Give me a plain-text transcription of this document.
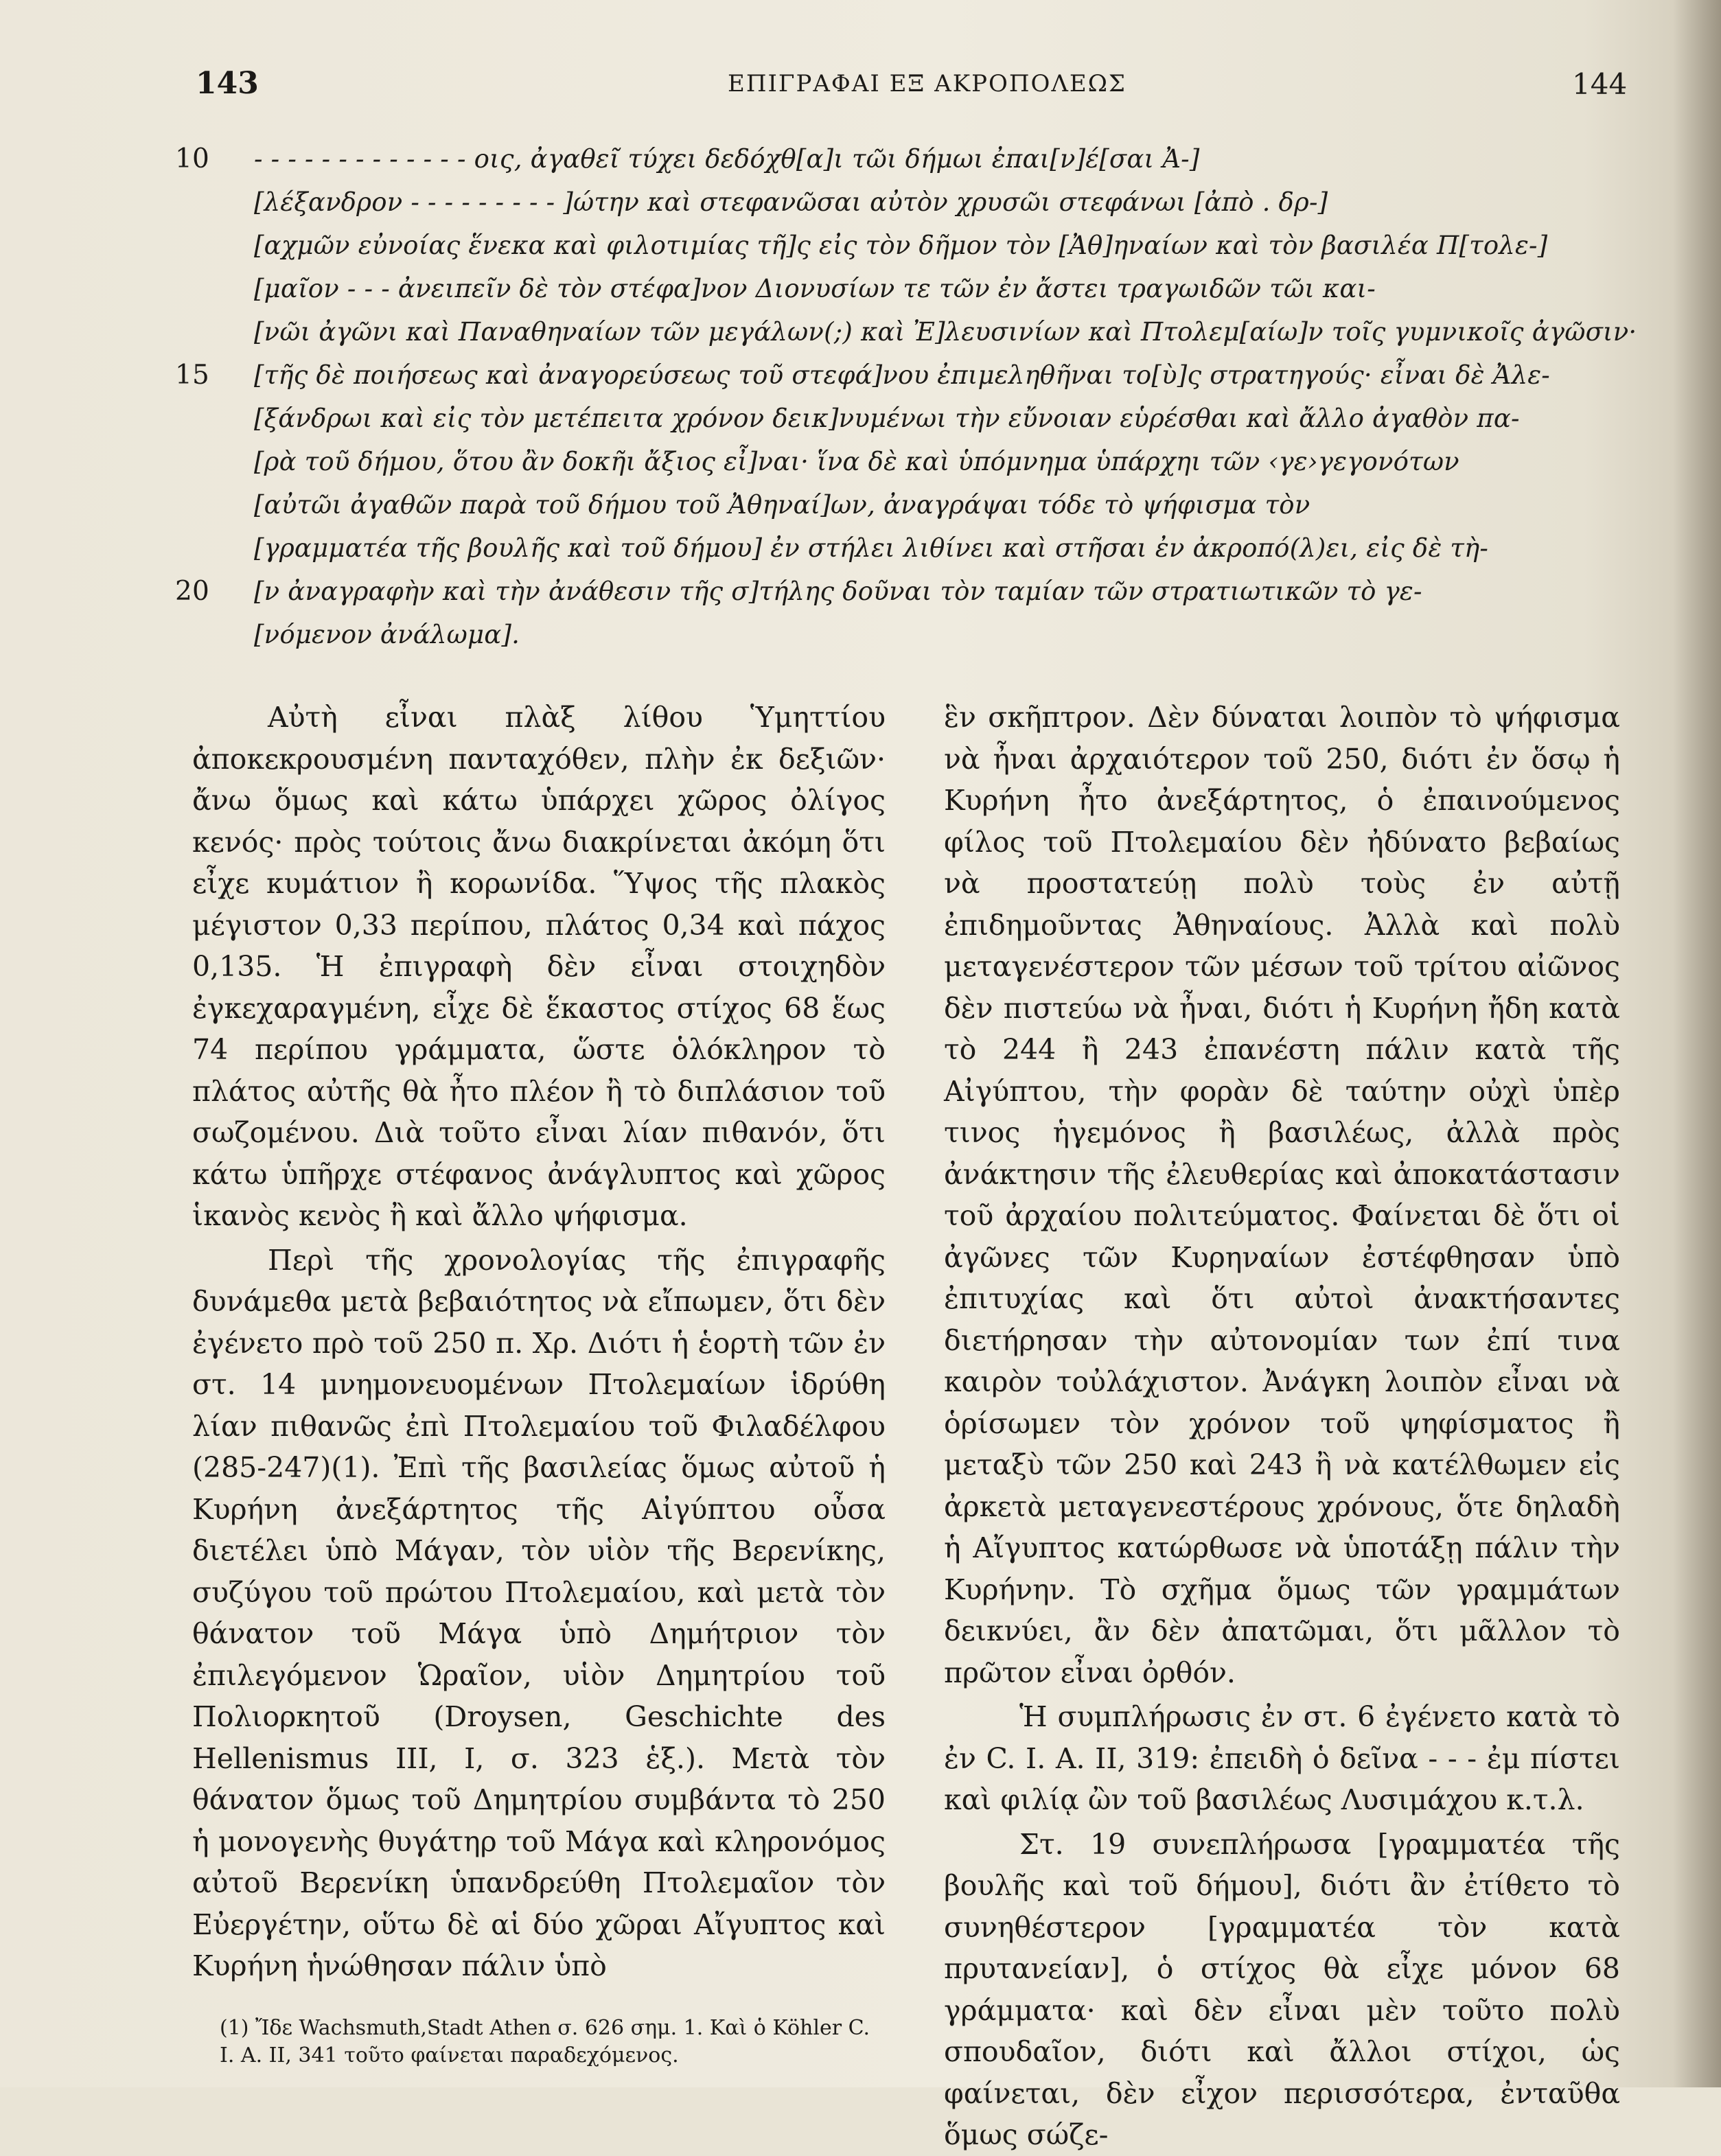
143	ΕΠΙΓΡΑΦΑΙ ΕΞ ΑΚΡΟΠΟΛΕΩΣ	144
10	- - - - - - - - - - - - - οις, ἀγαθεῖ τύχει δεδόχθ[α]ι τῶι δήμωι ἐπαι[ν]έ[σαι Ἀ-]
[λέξανδρον - - - - - - - - - ]ώτην καὶ στεφανῶσαι αὐτὸν χρυσῶι στεφάνωι [ἀπὸ . δρ-]
[αχμῶν εὐνοίας ἕνεκα καὶ φιλοτιμίας τῆ]ς εἰς τὸν δῆμον τὸν [Ἀθ]ηναίων καὶ τὸν βασιλέα Π[τολε-]
[μαῖον - - - ἀνειπεῖν δὲ τὸν στέφα]νον Διονυσίων τε τῶν ἐν ἄστει τραγωιδῶν τῶι και-
[νῶι ἀγῶνι καὶ Παναθηναίων τῶν μεγάλων(;) καὶ Ἐ]λευσινίων καὶ Πτολεμ[αίω]ν τοῖς γυμνικοῖς ἀγῶσιν·
15	[τῆς δὲ ποιήσεως καὶ ἀναγορεύσεως τοῦ στεφά]νου ἐπιμεληθῆναι το[ὺ]ς στρατηγούς· εἶναι δὲ Ἀλε-
[ξάνδρωι καὶ εἰς τὸν μετέπειτα χρόνον δεικ]νυμένωι τὴν εὔνοιαν εὑρέσθαι καὶ ἄλλο ἀγαθὸν πα-
[ρὰ τοῦ δήμου, ὅτου ἂν δοκῆι ἄξιος εἶ]ναι· ἵνα δὲ καὶ ὑπόμνημα ὑπάρχηι τῶν ‹γε›γεγονότων
[αὐτῶι ἀγαθῶν παρὰ τοῦ δήμου τοῦ Ἀθηναί]ων, ἀναγράψαι τόδε τὸ ψήφισμα τὸν
[γραμματέα τῆς βουλῆς καὶ τοῦ δήμου] ἐν στήλει λιθίνει καὶ στῆσαι ἐν ἀκροπό(λ)ει, εἰς δὲ τὴ-
20	[ν ἀναγραφὴν καὶ τὴν ἀνάθεσιν τῆς σ]τήλης δοῦναι τὸν ταμίαν τῶν στρατιωτικῶν τὸ γε-
[νόμενον ἀνάλωμα].

Αὐτὴ εἶναι πλὰξ λίθου Ὑμηττίου ἀποκεκρουσμένη πανταχόθεν, πλὴν ἐκ δεξιῶν· ἄνω ὅμως καὶ κάτω ὑπάρχει χῶρος ὀλίγος κενός· πρὸς τούτοις ἄνω διακρίνεται ἀκόμη ὅτι εἶχε κυμάτιον ἢ κορωνίδα. Ὕψος τῆς πλακὸς μέγιστον 0,33 περίπου, πλάτος 0,34 καὶ πάχος 0,135. Ἡ ἐπιγραφὴ δὲν εἶναι στοιχηδὸν ἐγκεχαραγμένη, εἶχε δὲ ἕκαστος στίχος 68 ἕως 74 περίπου γράμματα, ὥστε ὁλόκληρον τὸ πλάτος αὐτῆς θὰ ἦτο πλέον ἢ τὸ διπλάσιον τοῦ σωζομένου. Διὰ τοῦτο εἶναι λίαν πιθανόν, ὅτι κάτω ὑπῆρχε στέφανος ἀνάγλυπτος καὶ χῶρος ἱκανὸς κενὸς ἢ καὶ ἄλλο ψήφισμα.

Περὶ τῆς χρονολογίας τῆς ἐπιγραφῆς δυνάμεθα μετὰ βεβαιότητος νὰ εἴπωμεν, ὅτι δὲν ἐγένετο πρὸ τοῦ 250 π. Χρ. Διότι ἡ ἑορτὴ τῶν ἐν στ. 14 μνημονευομένων Πτολεμαίων ἱδρύθη λίαν πιθανῶς ἐπὶ Πτολεμαίου τοῦ Φιλαδέλφου (285-247)(1). Ἐπὶ τῆς βασιλείας ὅμως αὐτοῦ ἡ Κυρήνη ἀνεξάρτητος τῆς Αἰγύπτου οὖσα διετέλει ὑπὸ Μάγαν, τὸν υἱὸν τῆς Βερενίκης, συζύγου τοῦ πρώτου Πτολεμαίου, καὶ μετὰ τὸν θάνατον τοῦ Μάγα ὑπὸ Δημήτριον τὸν ἐπιλεγόμενον Ὡραῖον, υἱὸν Δημητρίου τοῦ Πολιορκητοῦ (Droysen, Geschichte des Hellenismus III, I, σ. 323 ἑξ.). Μετὰ τὸν θάνατον ὅμως τοῦ Δημητρίου συμβάντα τὸ 250 ἡ μονογενὴς θυγάτηρ τοῦ Μάγα καὶ κληρονόμος αὐτοῦ Βερενίκη ὑπανδρεύθη Πτολεμαῖον τὸν Εὐεργέτην, οὕτω δὲ αἱ δύο χῶραι Αἴγυπτος καὶ Κυρήνη ἡνώθησαν πάλιν ὑπὸ

(1) Ἴδε Wachsmuth,Stadt Athen σ. 626 σημ. 1. Καὶ ὁ Köhler C. I. A. II, 341 τοῦτο φαίνεται παραδεχόμενος.

ἓν σκῆπτρον. Δὲν δύναται λοιπὸν τὸ ψήφισμα νὰ ἦναι ἀρχαιότερον τοῦ 250, διότι ἐν ὅσῳ ἡ Κυρήνη ἦτο ἀνεξάρτητος, ὁ ἐπαινούμενος φίλος τοῦ Πτολεμαίου δὲν ἠδύνατο βεβαίως νὰ προστατεύῃ πολὺ τοὺς ἐν αὐτῇ ἐπιδημοῦντας Ἀθηναίους. Ἀλλὰ καὶ πολὺ μεταγενέστερον τῶν μέσων τοῦ τρίτου αἰῶνος δὲν πιστεύω νὰ ἦναι, διότι ἡ Κυρήνη ἤδη κατὰ τὸ 244 ἢ 243 ἐπανέστη πάλιν κατὰ τῆς Αἰγύπτου, τὴν φορὰν δὲ ταύτην οὐχὶ ὑπὲρ τινος ἡγεμόνος ἢ βασιλέως, ἀλλὰ πρὸς ἀνάκτησιν τῆς ἐλευθερίας καὶ ἀποκατάστασιν τοῦ ἀρχαίου πολιτεύματος. Φαίνεται δὲ ὅτι οἱ ἀγῶνες τῶν Κυρηναίων ἐστέφθησαν ὑπὸ ἐπιτυχίας καὶ ὅτι αὐτοὶ ἀνακτήσαντες διετήρησαν τὴν αὐτονομίαν των ἐπί τινα καιρὸν τοὐλάχιστον. Ἀνάγκη λοιπὸν εἶναι νὰ ὁρίσωμεν τὸν χρόνον τοῦ ψηφίσματος ἢ μεταξὺ τῶν 250 καὶ 243 ἢ νὰ κατέλθωμεν εἰς ἀρκετὰ μεταγενεστέρους χρόνους, ὅτε δηλαδὴ ἡ Αἴγυπτος κατώρθωσε νὰ ὑποτάξῃ πάλιν τὴν Κυρήνην. Τὸ σχῆμα ὅμως τῶν γραμμάτων δεικνύει, ἂν δὲν ἀπατῶμαι, ὅτι μᾶλλον τὸ πρῶτον εἶναι ὀρθόν.

Ἡ συμπλήρωσις ἐν στ. 6 ἐγένετο κατὰ τὸ ἐν C. I. A. II, 319: ἐπειδὴ ὁ δεῖνα - - - ἐμ πίστει καὶ φιλίᾳ ὢν τοῦ βασιλέως Λυσιμάχου κ.τ.λ.

Στ. 19 συνεπλήρωσα [γραμματέα τῆς βουλῆς καὶ τοῦ δήμου], διότι ἂν ἐτίθετο τὸ συνηθέστερον [γραμματέα τὸν κατὰ πρυτανείαν], ὁ στίχος θὰ εἶχε μόνον 68 γράμματα· καὶ δὲν εἶναι μὲν τοῦτο πολὺ σπουδαῖον, διότι καὶ ἄλλοι στίχοι, ὡς φαίνεται, δὲν εἶχον περισσότερα, ἐνταῦθα ὅμως σώζε-
